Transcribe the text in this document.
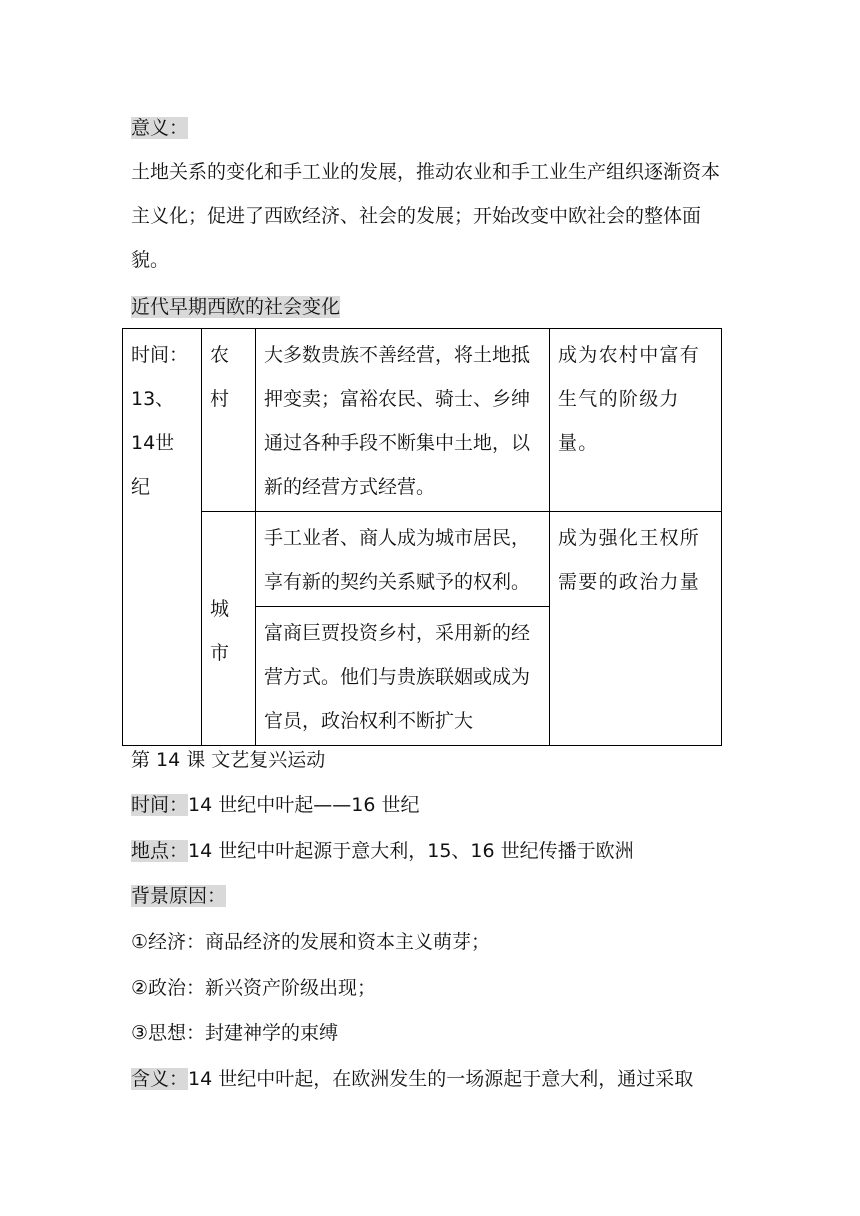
意义：
土地关系的变化和手工业的发展，推动农业和手工业生产组织逐渐资本主义化；促进了西欧经济、社会的发展；开始改变中欧社会的整体面貌。
近代早期西欧的社会变化
时间：13、14世纪	农村	大多数贵族不善经营，将土地抵押变卖；富裕农民、骑士、乡绅通过各种手段不断集中土地，以新的经营方式经营。	成为农村中富有生气的阶级力量。
	城市	手工业者、商人成为城市居民，享有新的契约关系赋予的权利。	成为强化王权所需要的政治力量
		富商巨贾投资乡村，采用新的经营方式。他们与贵族联姻或成为官员，政治权利不断扩大	
第 14 课 文艺复兴运动
时间：14 世纪中叶起——16 世纪
地点：14 世纪中叶起源于意大利，15、16 世纪传播于欧洲
背景原因：
①经济：商品经济的发展和资本主义萌芽；
②政治：新兴资产阶级出现；
③思想：封建神学的束缚
含义：14 世纪中叶起，在欧洲发生的一场源起于意大利，通过采取
